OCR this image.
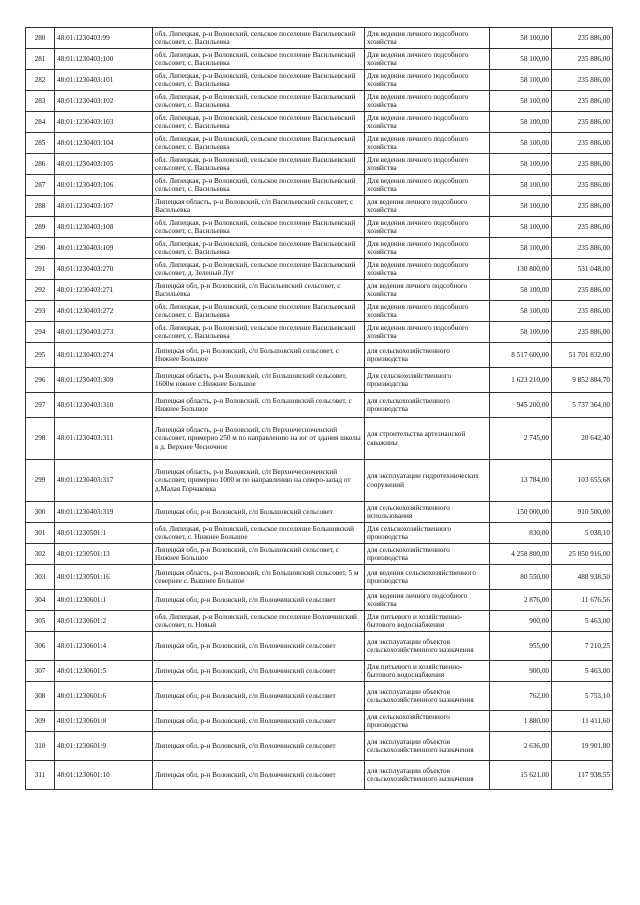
280	48:01:1230403:99	обл. Липецкая, р-н Воловский, сельское поселение Васильевский сельсовет, с. Васильевка	Для ведения личного подсобного хозяйства	58 100,00	235 886,00
281	48:01:1230403:100	обл. Липецкая, р-н Воловский, сельское поселение Васильевский сельсовет, с. Васильевка	Для ведения личного подсобного хозяйства	58 100,00	235 886,00
282	48:01:1230403:101	обл. Липецкая, р-н Воловский, сельское поселение Васильевский сельсовет, с. Васильевка	Для ведения личного подсобного хозяйства	58 100,00	235 886,00
283	48:01:1230403:102	обл. Липецкая, р-н Воловский, сельское поселение Васильевский сельсовет, с. Васильевка	Для ведения личного подсобного хозяйства	58 100,00	235 886,00
284	48:01:1230403:103	обл. Липецкая, р-н Воловский, сельское поселение Васильевский сельсовет, с. Васильевка	Для ведения личного подсобного хозяйства	58 100,00	235 886,00
285	48:01:1230403:104	обл. Липецкая, р-н Воловский, сельское поселение Васильевский сельсовет, с. Васильевка	Для ведения личного подсобного хозяйства	58 100,00	235 886,00
286	48:01:1230403:105	обл. Липецкая, р-н Воловский, сельское поселение Васильевский сельсовет, с. Васильевка	Для ведения личного подсобного хозяйства	58 100,00	235 886,00
287	48:01:1230403:106	обл. Липецкая, р-н Воловский, сельское поселение Васильевский сельсовет, с. Васильевка	Для ведения личного подсобного хозяйства	58 100,00	235 886,00
288	48:01:1230403:107	Липецкая область, р-н Воловский, с/п Васильевский сельсовет, с Васильевка	для ведения личного подсобного хозяйства	58 100,00	235 886,00
289	48:01:1230403:108	обл. Липецкая, р-н Воловский, сельское поселение Васильевский сельсовет, с. Васильевка	Для ведения личного подсобного хозяйства	58 100,00	235 886,00
290	48:01:1230403:109	обл. Липецкая, р-н Воловский, сельское поселение Васильевский сельсовет, с. Васильевка	Для ведения личного подсобного хозяйства	58 100,00	235 886,00
291	48:01:1230403:270	обл. Липецкая, р-н Воловский, сельское поселение Васильевский сельсовет, д. Зеленый Луг	Для ведения личного подсобного хозяйства	130 800,00	531 048,00
292	48:01:1230403:271	Липецкая обл, р-н Воловский, с/п Васильевский сельсовет, с Васильевка	для ведения личного подсобного хозяйства	58 100,00	235 886,00
293	48:01:1230403:272	обл. Липецкая, р-н Воловский, сельское поселение Васильевский сельсовет, с. Васильевка	Для ведения личного подсобного хозяйства	58 100,00	235 886,00
294	48:01:1230403:273	обл. Липецкая, р-н Воловский, сельское поселение Васильевский сельсовет, с. Васильевка	Для ведения личного подсобного хозяйства	58 100,00	235 886,00
295	48:01:1230403:274	Липецкая обл, р-н Воловский, с/п Большовский сельсовет, с Нижнее Большое	для сельскохозяйственного производства	8 517 600,00	51 701 832,00
296	48:01:1230403:309	Липецкая область, р-н Воловский, с/п Большовский сельсовет, 1600м южнее с.Нижнее Большое	Для сельскохозяйственного производства	1 623 210,00	9 852 884,70
297	48:01:1230403:310	Липецкая область, р-н Воловский, с/п Большовский сельсовет, с Нижнее Большое	для сельскохозяйственного производства	945 200,00	5 737 364,00
298	48:01:1230403:311	Липецкая область, р-н Воловский, с/п Верхнечесноченский сельсовет, примерно 250 м по направлению на юг от здания школы в д. Верхнее Чесночное	для строительства артезианской скважины	2 745,00	20 642,40
299	48:01:1230403:317	Липецкая область, р-н Воловский, с/п Верхнечесноченский сельсовет, примерно 1000 м по направлению на северо-запад от д.Малая Горчаковка	для эксплуатации гидротехнических сооружений	13 784,00	103 655,68
300	48:01:1230403:319	Липецкая обл, р-н Воловский, с/п Большовский сельсовет	для сельскохозяйственного использования	150 000,00	910 500,00
301	48:01:1230501:1	обл. Липецкая, р-н Воловский, сельское поселение Большовский сельсовет, с. Нижнее Большое	Для сельскохозяйственного производства	830,00	5 038,10
302	48:01:1230501:13	Липецкая обл, р-н Воловский, с/п Большовский сельсовет, с Нижнее Большое	для сельскохозяйственного производства	4 258 800,00	25 850 916,00
303	48:01:1230501:16	Липецкая область, р-н Воловский, с/п Большовский сельсовет, 5 м севернее с. Вышнее Большое	для ведения сельскохозяйственного производства	80 550,00	488 938,50
304	48:01:1230601:1	Липецкая обл, р-н Воловский, с/п Воловчинский сельсовет	для ведения личного подсобного хозяйства	2 876,00	11 676,56
305	48:01:1230601:2	обл. Липецкая, р-н Воловский, сельское поселение Воловчинский сельсовет, п. Новый	Для питьевого и хозяйственно-бытового водоснабжения	900,00	5 463,00
306	48:01:1230601:4	Липецкая обл, р-н Воловский, с/п Воловчинский сельсовет	для эксплуатации объектов сельскохозяйственного назначения	955,00	7 210,25
307	48:01:1230601:5	Липецкая обл, р-н Воловский, с/п Воловчинский сельсовет	Для питьевого и хозяйственно-бытового водоснабжения	900,00	5 463,00
308	48:01:1230601:6	Липецкая обл, р-н Воловский, с/п Воловчинский сельсовет	для эксплуатации объектов сельскохозяйственного назначения	762,00	5 753,10
309	48:01:1230601:8	Липецкая обл, р-н Воловский, с/п Воловчинский сельсовет	для сельскохозяйственного производства	1 880,00	11 411,60
310	48:01:1230601:9	Липецкая обл, р-н Воловский, с/п Воловчинский сельсовет	для эксплуатации объектов сельскохозяйственного назначения	2 636,00	19 901,80
311	48:01:1230601:10	Липецкая обл, р-н Воловский, с/п Воловчинский сельсовет	для эксплуатации объектов сельскохозяйственного назначения	15 621,00	117 938,55
